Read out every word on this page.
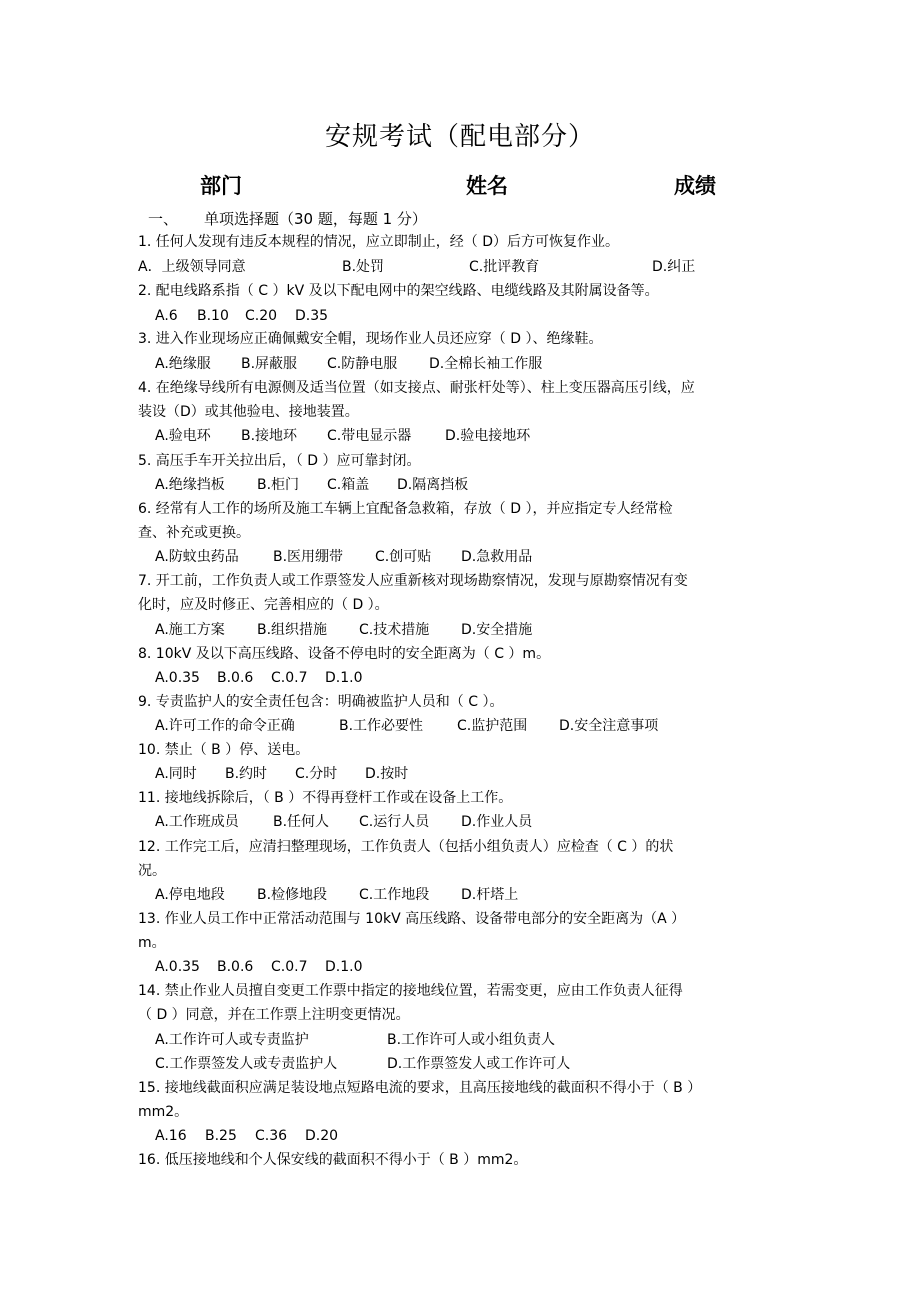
安规考试（配电部分）
部门	姓名	成绩
一、 单项选择题（30 题，每题 1 分）
1. 任何人发现有违反本规程的情况，应立即制止，经（ D）后方可恢复作业。
A．上级领导同意	B.处罚	C.批评教育	D.纠正
2. 配电线路系指（ C ）kV 及以下配电网中的架空线路、电缆线路及其附属设备等。
A.6 B.10 C.20 D.35
3. 进入作业现场应正确佩戴安全帽，现场作业人员还应穿（ D ）、绝缘鞋。
A.绝缘服 B.屏蔽服 C.防静电服 D.全棉长袖工作服
4. 在绝缘导线所有电源侧及适当位置（如支接点、耐张杆处等）、柱上变压器高压引线，应
装设（D）或其他验电、接地装置。
A.验电环 B.接地环 C.带电显示器 D.验电接地环
5. 高压手车开关拉出后，（ D ）应可靠封闭。
A.绝缘挡板 B.柜门 C.箱盖 D.隔离挡板
6. 经常有人工作的场所及施工车辆上宜配备急救箱，存放（ D ），并应指定专人经常检
查、补充或更换。
A.防蚊虫药品 B.医用绷带 C.创可贴 D.急救用品
7. 开工前，工作负责人或工作票签发人应重新核对现场勘察情况，发现与原勘察情况有变
化时，应及时修正、完善相应的（ D ）。
A.施工方案 B.组织措施 C.技术措施 D.安全措施
8. 10kV 及以下高压线路、设备不停电时的安全距离为（ C ）m。
A.0.35 B.0.6 C.0.7 D.1.0
9. 专责监护人的安全责任包含：明确被监护人员和（ C ）。
A.许可工作的命令正确	B.工作必要性 C.监护范围 D.安全注意事项
10. 禁止（ B ）停、送电。
A.同时 B.约时 C.分时 D.按时
11. 接地线拆除后，（ B ）不得再登杆工作或在设备上工作。
A.工作班成员 B.任何人 C.运行人员 D.作业人员
12. 工作完工后，应清扫整理现场，工作负责人（包括小组负责人）应检查（ C ）的状
况。
A.停电地段 B.检修地段 C.工作地段 D.杆塔上
13. 作业人员工作中正常活动范围与 10kV 高压线路、设备带电部分的安全距离为（A ）
m。
A.0.35 B.0.6 C.0.7 D.1.0
14. 禁止作业人员擅自变更工作票中指定的接地线位置，若需变更，应由工作负责人征得
（ D ）同意，并在工作票上注明变更情况。
A.工作许可人或专责监护	B.工作许可人或小组负责人
C.工作票签发人或专责监护人	D.工作票签发人或工作许可人
15. 接地线截面积应满足装设地点短路电流的要求，且高压接地线的截面积不得小于（ B ）
mm2。
A.16 B.25 C.36 D.20
16. 低压接地线和个人保安线的截面积不得小于（ B ）mm2。
